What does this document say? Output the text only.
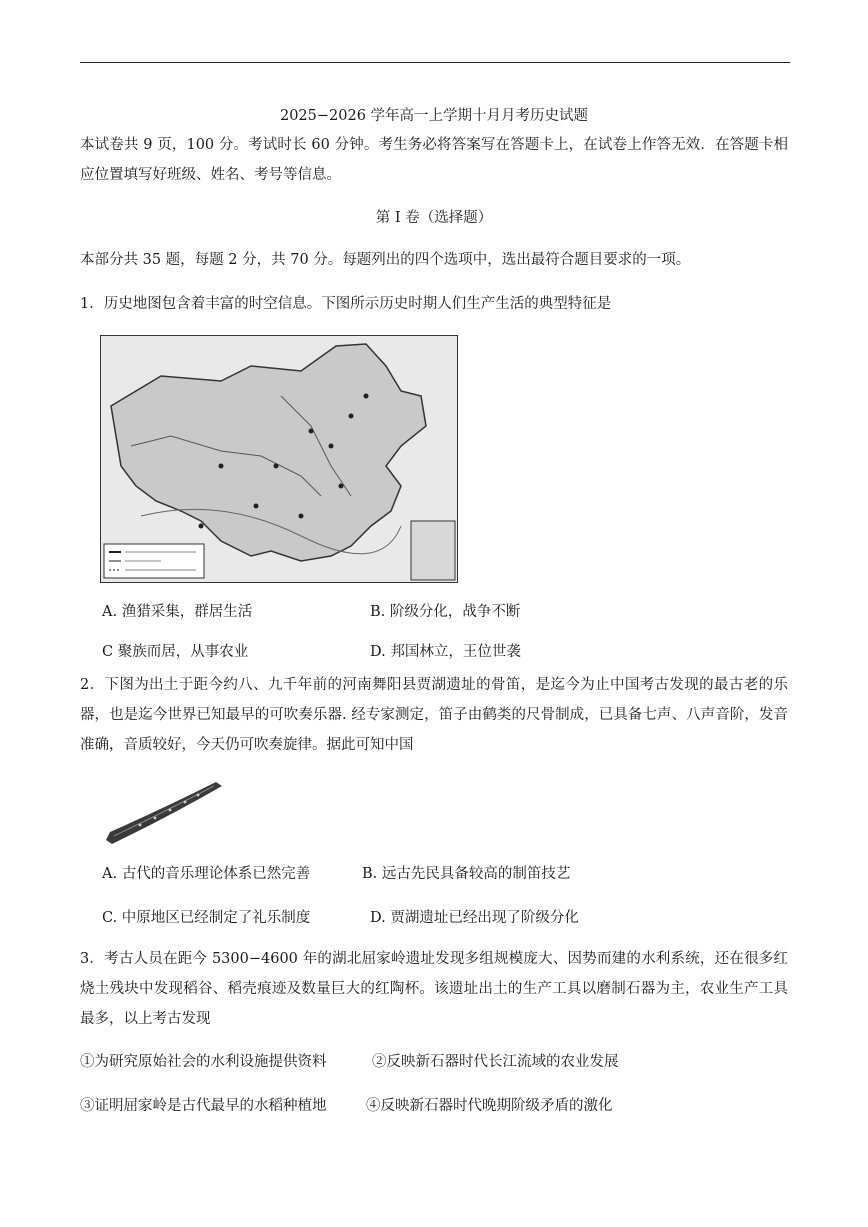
2025−2026 学年高一上学期十月月考历史试题
本试卷共 9 页，100 分。考试时长 60 分钟。考生务必将答案写在答题卡上，在试卷上作答无效．在答题卡相应位置填写好班级、姓名、考号等信息。
第 I 卷（选择题）
本部分共 35 题，每题 2 分，共 70 分。每题列出的四个选项中，选出最符合题目要求的一项。
1．历史地图包含着丰富的时空信息。下图所示历史时期人们生产生活的典型特征是
A. 渔猎采集，群居生活	B. 阶级分化，战争不断
C 聚族而居，从事农业	D. 邦国林立，王位世袭
2．下图为出土于距今约八、九千年前的河南舞阳县贾湖遗址的骨笛，是迄今为止中国考古发现的最古老的乐器，也是迄今世界已知最早的可吹奏乐器. 经专家测定，笛子由鹤类的尺骨制成，已具备七声、八声音阶，发音准确，音质较好，今天仍可吹奏旋律。据此可知中国
A. 古代的音乐理论体系已然完善	B. 远古先民具备较高的制笛技艺
C. 中原地区已经制定了礼乐制度	D. 贾湖遗址已经出现了阶级分化
3．考古人员在距今 5300−4600 年的湖北屈家岭遗址发现多组规模庞大、因势而建的水利系统，还在很多红烧土残块中发现稻谷、稻壳痕迹及数量巨大的红陶杯。该遗址出土的生产工具以磨制石器为主，农业生产工具最多，以上考古发现
①为研究原始社会的水利设施提供资料	②反映新石器时代长江流域的农业发展
③证明屈家岭是古代最早的水稻种植地	④反映新石器时代晚期阶级矛盾的激化
